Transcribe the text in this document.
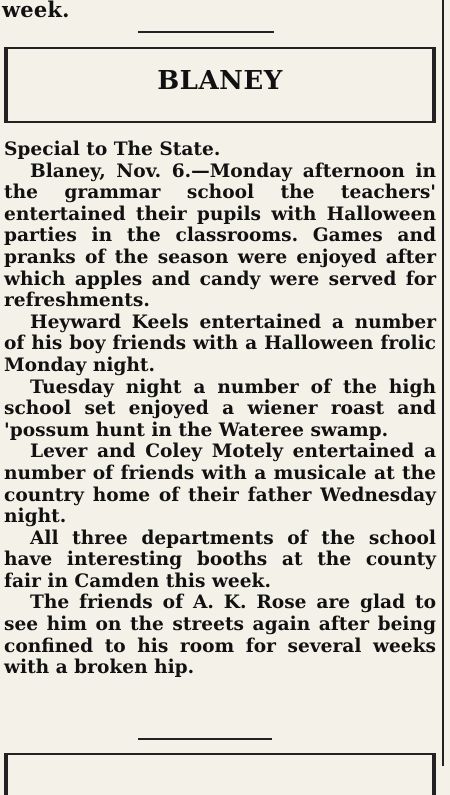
week.
BLANEY

Special to The State.

Blaney, Nov. 6.—Monday afternoon in the grammar school the teachers' entertained their pupils with Halloween parties in the classrooms. Games and pranks of the season were enjoyed after which apples and candy were served for refreshments.

Heyward Keels entertained a number of his boy friends with a Halloween frolic Monday night.

Tuesday night a number of the high school set enjoyed a wiener roast and 'possum hunt in the Wateree swamp.

Lever and Coley Motely entertained a number of friends with a musicale at the country home of their father Wednesday night.

All three departments of the school have interesting booths at the county fair in Camden this week.

The friends of A. K. Rose are glad to see him on the streets again after being confined to his room for several weeks with a broken hip.
